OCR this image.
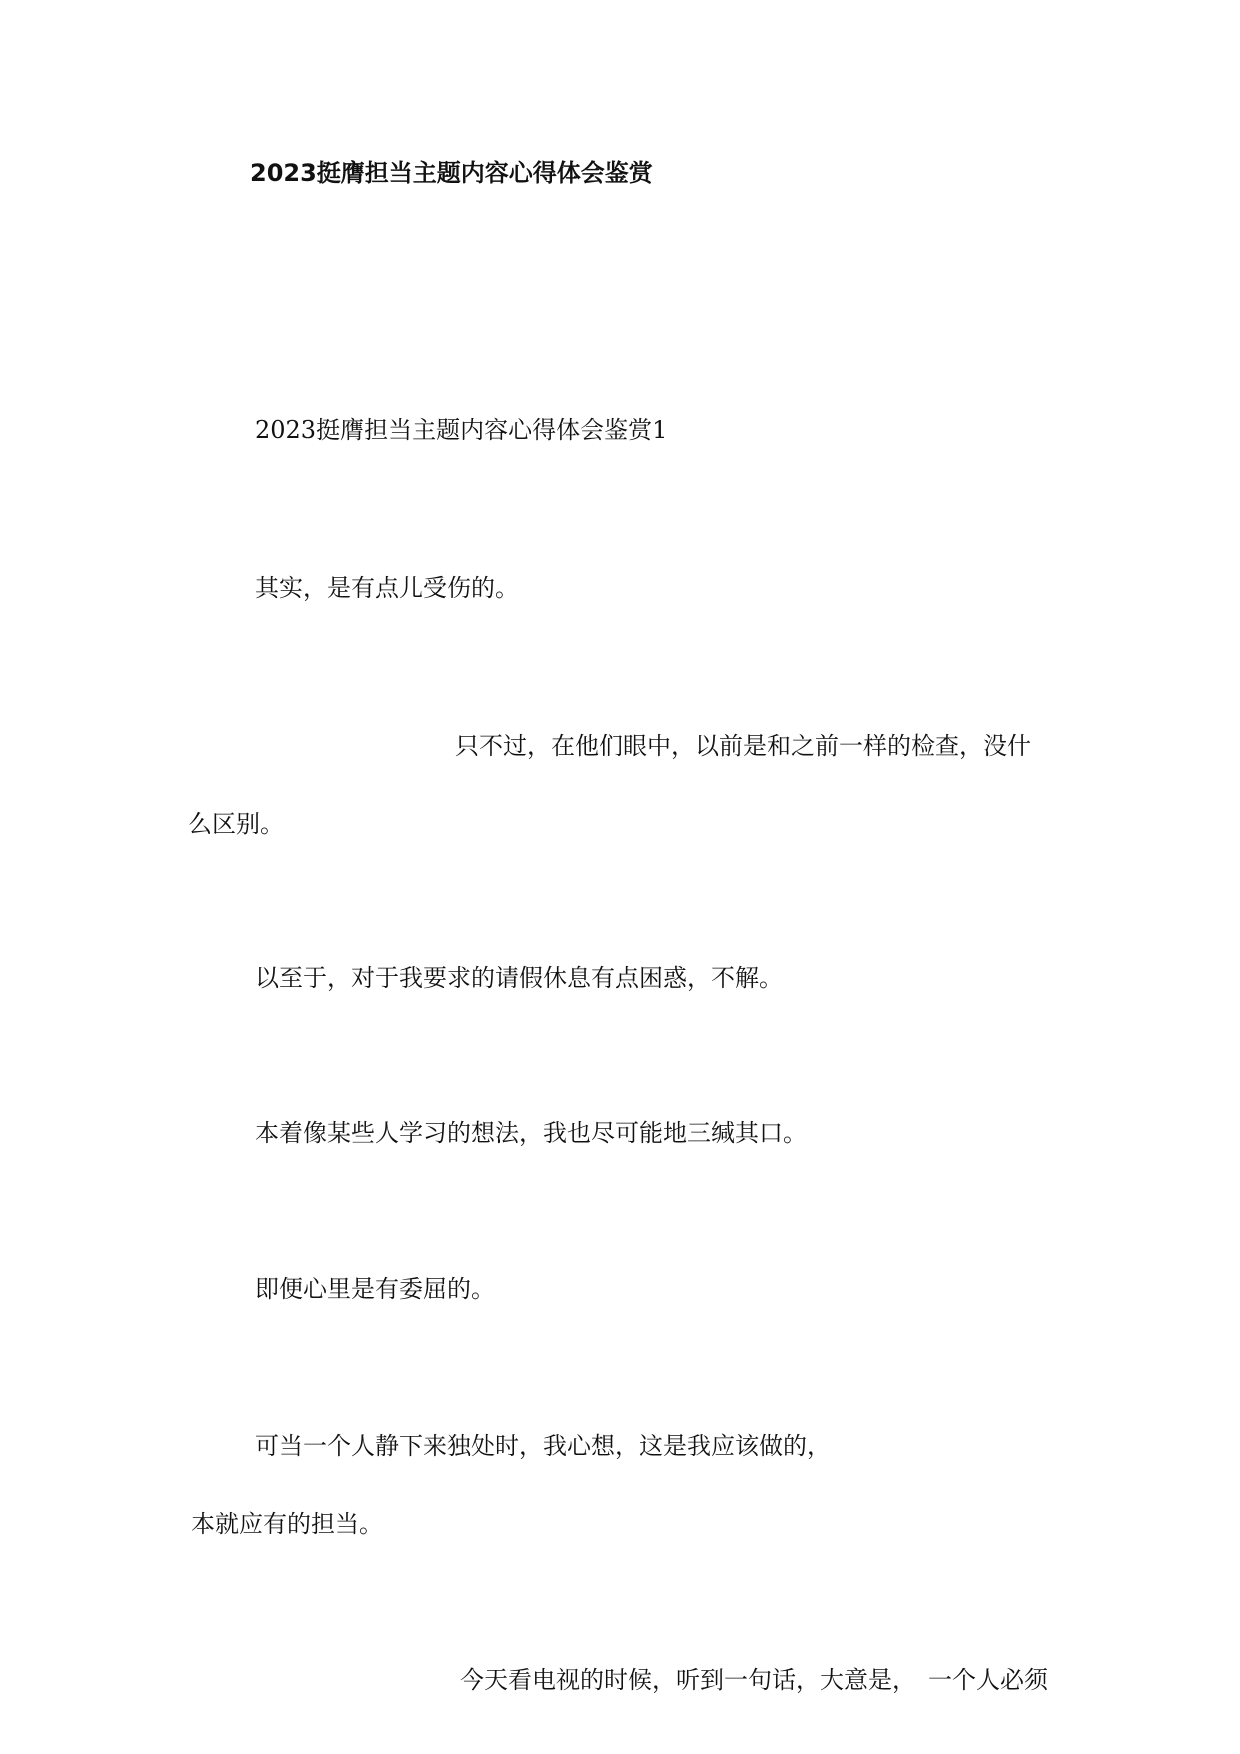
2023挺膺担当主题内容心得体会鉴赏

2023挺膺担当主题内容心得体会鉴赏1

其实，是有点儿受伤的。

只不过，在他们眼中，以前是和之前一样的检查，没什

么区别。

以至于，对于我要求的请假休息有点困惑，不解。

本着像某些人学习的想法，我也尽可能地三缄其口。

即便心里是有委屈的。

可当一个人静下来独处时，我心想，这是我应该做的，

本就应有的担当。

今天看电视的时候，听到一句话，大意是，　一个人必须
